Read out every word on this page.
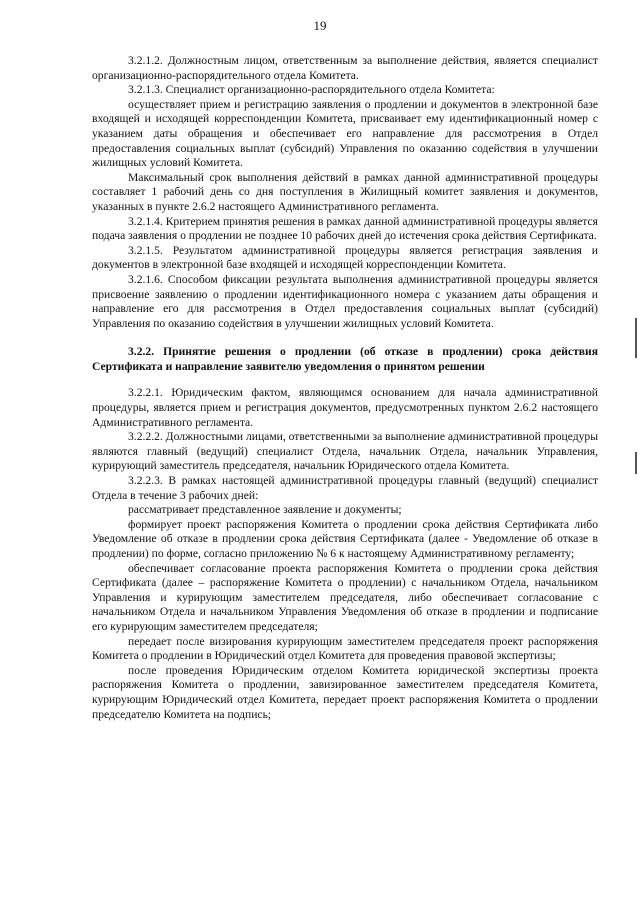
19

3.2.1.2. Должностным лицом, ответственным за выполнение действия, является специалист организационно-распорядительного отдела Комитета.

3.2.1.3. Специалист организационно-распорядительного отдела Комитета:

осуществляет прием и регистрацию заявления о продлении и документов в электронной базе входящей и исходящей корреспонденции Комитета, присваивает ему идентификационный номер с указанием даты обращения и обеспечивает его направление для рассмотрения в Отдел предоставления социальных выплат (субсидий) Управления по оказанию содействия в улучшении жилищных условий Комитета.

Максимальный срок выполнения действий в рамках данной административной процедуры составляет 1 рабочий день со дня поступления в Жилищный комитет заявления и документов, указанных в пункте 2.6.2 настоящего Административного регламента.

3.2.1.4. Критерием принятия решения в рамках данной административной процедуры является подача заявления о продлении не позднее 10 рабочих дней до истечения срока действия Сертификата.

3.2.1.5. Результатом административной процедуры является регистрация заявления и документов в электронной базе входящей и исходящей корреспонденции Комитета.

3.2.1.6. Способом фиксации результата выполнения административной процедуры является присвоение заявлению о продлении идентификационного номера с указанием даты обращения и направление его для рассмотрения в Отдел предоставления социальных выплат (субсидий) Управления по оказанию содействия в улучшении жилищных условий Комитета.

3.2.2. Принятие решения о продлении (об отказе в продлении) срока действия Сертификата и направление заявителю уведомления о принятом решении

3.2.2.1. Юридическим фактом, являющимся основанием для начала административной процедуры, является прием и регистрация документов, предусмотренных пунктом 2.6.2 настоящего Административного регламента.

3.2.2.2. Должностными лицами, ответственными за выполнение административной процедуры являются главный (ведущий) специалист Отдела, начальник Отдела, начальник Управления, курирующий заместитель председателя, начальник Юридического отдела Комитета.

3.2.2.3. В рамках настоящей административной процедуры главный (ведущий) специалист Отдела в течение 3 рабочих дней:

рассматривает представленное заявление и документы;

формирует проект распоряжения Комитета о продлении срока действия Сертификата либо Уведомление об отказе в продлении срока действия Сертификата (далее - Уведомление об отказе в продлении) по форме, согласно приложению № 6 к настоящему Административному регламенту;

обеспечивает согласование проекта распоряжения Комитета о продлении срока действия Сертификата (далее – распоряжение Комитета о продлении) с начальником Отдела, начальником Управления и курирующим заместителем председателя, либо обеспечивает согласование с начальником Отдела и начальником Управления Уведомления об отказе в продлении и подписание его курирующим заместителем председателя;

передает после визирования курирующим заместителем председателя проект распоряжения Комитета о продлении в Юридический отдел Комитета для проведения правовой экспертизы;

после проведения Юридическим отделом Комитета юридической экспертизы проекта распоряжения Комитета о продлении, завизированное заместителем председателя Комитета, курирующим Юридический отдел Комитета, передает проект распоряжения Комитета о продлении председателю Комитета на подпись;
